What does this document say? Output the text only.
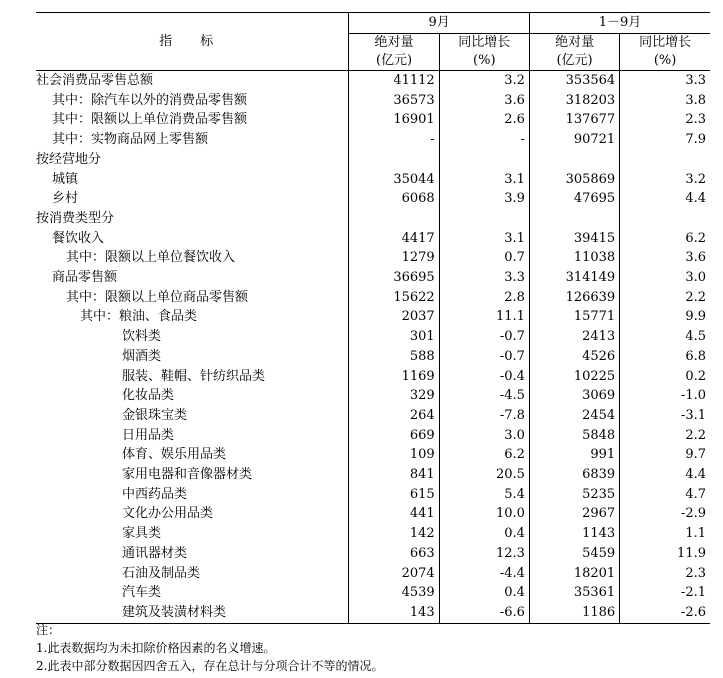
指 标	9月		1－9月	
	绝对量	同比增长	绝对量	同比增长
	(亿元)	(%)	(亿元)	(%)
社会消费品零售总额	41112	3.2	353564	3.3
其中：除汽车以外的消费品零售额	36573	3.6	318203	3.8
其中：限额以上单位消费品零售额	16901	2.6	137677	2.3
其中：实物商品网上零售额	-	-	90721	7.9
按经营地分				
城镇	35044	3.1	305869	3.2
乡村	6068	3.9	47695	4.4
按消费类型分				
餐饮收入	4417	3.1	39415	6.2
其中：限额以上单位餐饮收入	1279	0.7	11038	3.6
商品零售额	36695	3.3	314149	3.0
其中：限额以上单位商品零售额	15622	2.8	126639	2.2
其中：粮油、食品类	2037	11.1	15771	9.9
饮料类	301	-0.7	2413	4.5
烟酒类	588	-0.7	4526	6.8
服装、鞋帽、针纺织品类	1169	-0.4	10225	0.2
化妆品类	329	-4.5	3069	-1.0
金银珠宝类	264	-7.8	2454	-3.1
日用品类	669	3.0	5848	2.2
体育、娱乐用品类	109	6.2	991	9.7
家用电器和音像器材类	841	20.5	6839	4.4
中西药品类	615	5.4	5235	4.7
文化办公用品类	441	10.0	2967	-2.9
家具类	142	0.4	1143	1.1
通讯器材类	663	12.3	5459	11.9
石油及制品类	2074	-4.4	18201	2.3
汽车类	4539	0.4	35361	-2.1
建筑及装潢材料类	143	-6.6	1186	-2.6
注：
1.此表数据均为未扣除价格因素的名义增速。
2.此表中部分数据因四舍五入，存在总计与分项合计不等的情况。
